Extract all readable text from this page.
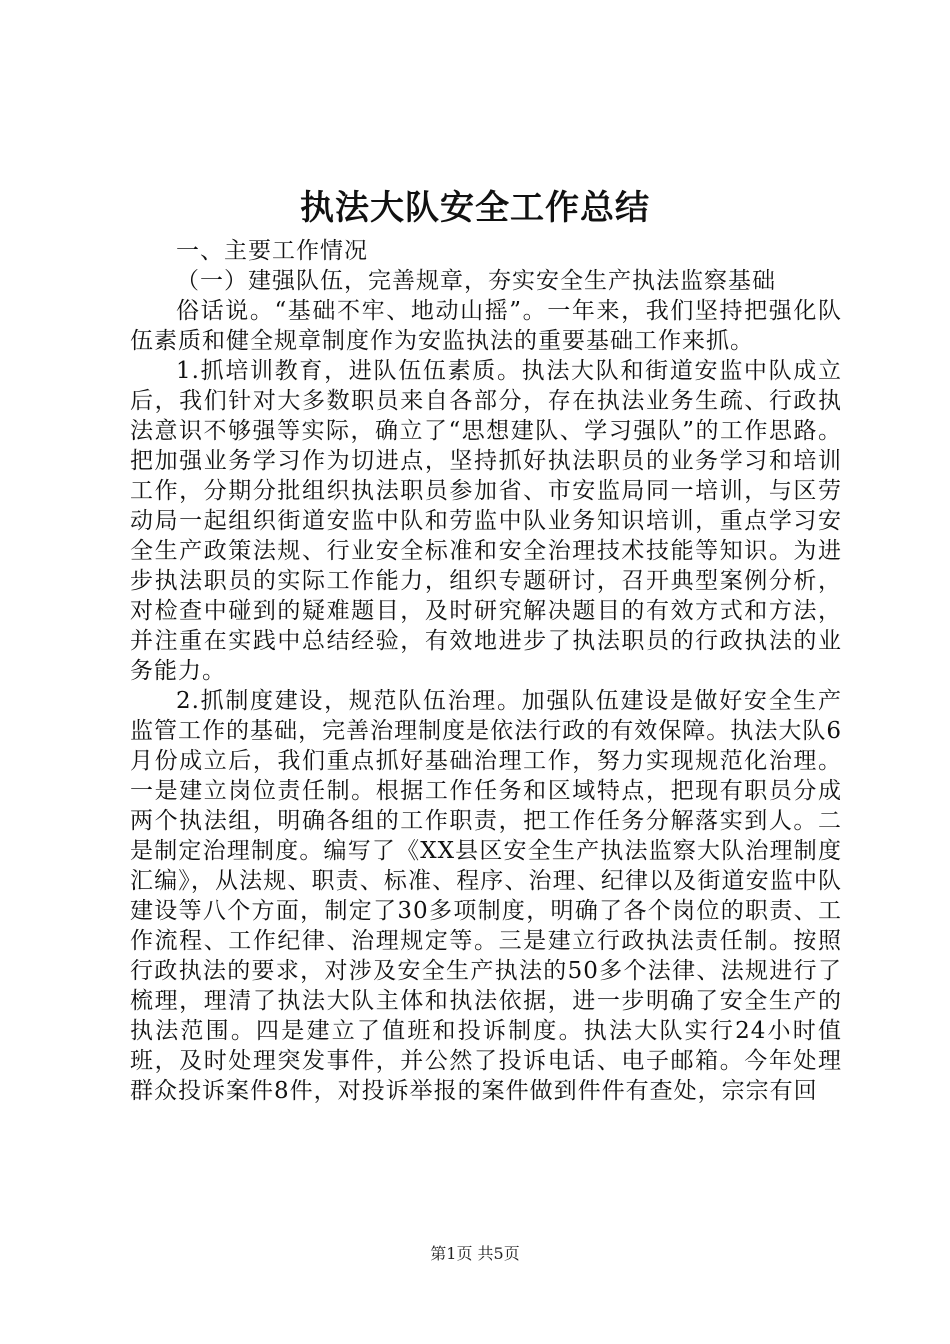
执法大队安全工作总结

一、主要工作情况

（一）建强队伍，完善规章，夯实安全生产执法监察基础

俗话说。“基础不牢、地动山摇”。一年来，我们坚持把强化队伍素质和健全规章制度作为安监执法的重要基础工作来抓。

1.抓培训教育，进队伍伍素质。执法大队和街道安监中队成立后，我们针对大多数职员来自各部分，存在执法业务生疏、行政执法意识不够强等实际，确立了“思想建队、学习强队”的工作思路。把加强业务学习作为切进点，坚持抓好执法职员的业务学习和培训工作，分期分批组织执法职员参加省、市安监局同一培训，与区劳动局一起组织街道安监中队和劳监中队业务知识培训，重点学习安全生产政策法规、行业安全标准和安全治理技术技能等知识。为进步执法职员的实际工作能力，组织专题研讨，召开典型案例分析，对检查中碰到的疑难题目，及时研究解决题目的有效方式和方法，并注重在实践中总结经验，有效地进步了执法职员的行政执法的业务能力。

2.抓制度建设，规范队伍治理。加强队伍建设是做好安全生产监管工作的基础，完善治理制度是依法行政的有效保障。执法大队6月份成立后，我们重点抓好基础治理工作，努力实现规范化治理。一是建立岗位责任制。根据工作任务和区域特点，把现有职员分成两个执法组，明确各组的工作职责，把工作任务分解落实到人。二是制定治理制度。编写了《XX县区安全生产执法监察大队治理制度汇编》，从法规、职责、标准、程序、治理、纪律以及街道安监中队建设等八个方面，制定了30多项制度，明确了各个岗位的职责、工作流程、工作纪律、治理规定等。三是建立行政执法责任制。按照行政执法的要求，对涉及安全生产执法的50多个法律、法规进行了梳理，理清了执法大队主体和执法依据，进一步明确了安全生产的执法范围。四是建立了值班和投诉制度。执法大队实行24小时值班，及时处理突发事件，并公然了投诉电话、电子邮箱。今年处理群众投诉案件8件，对投诉举报的案件做到件件有查处，宗宗有回

第1页 共5页
